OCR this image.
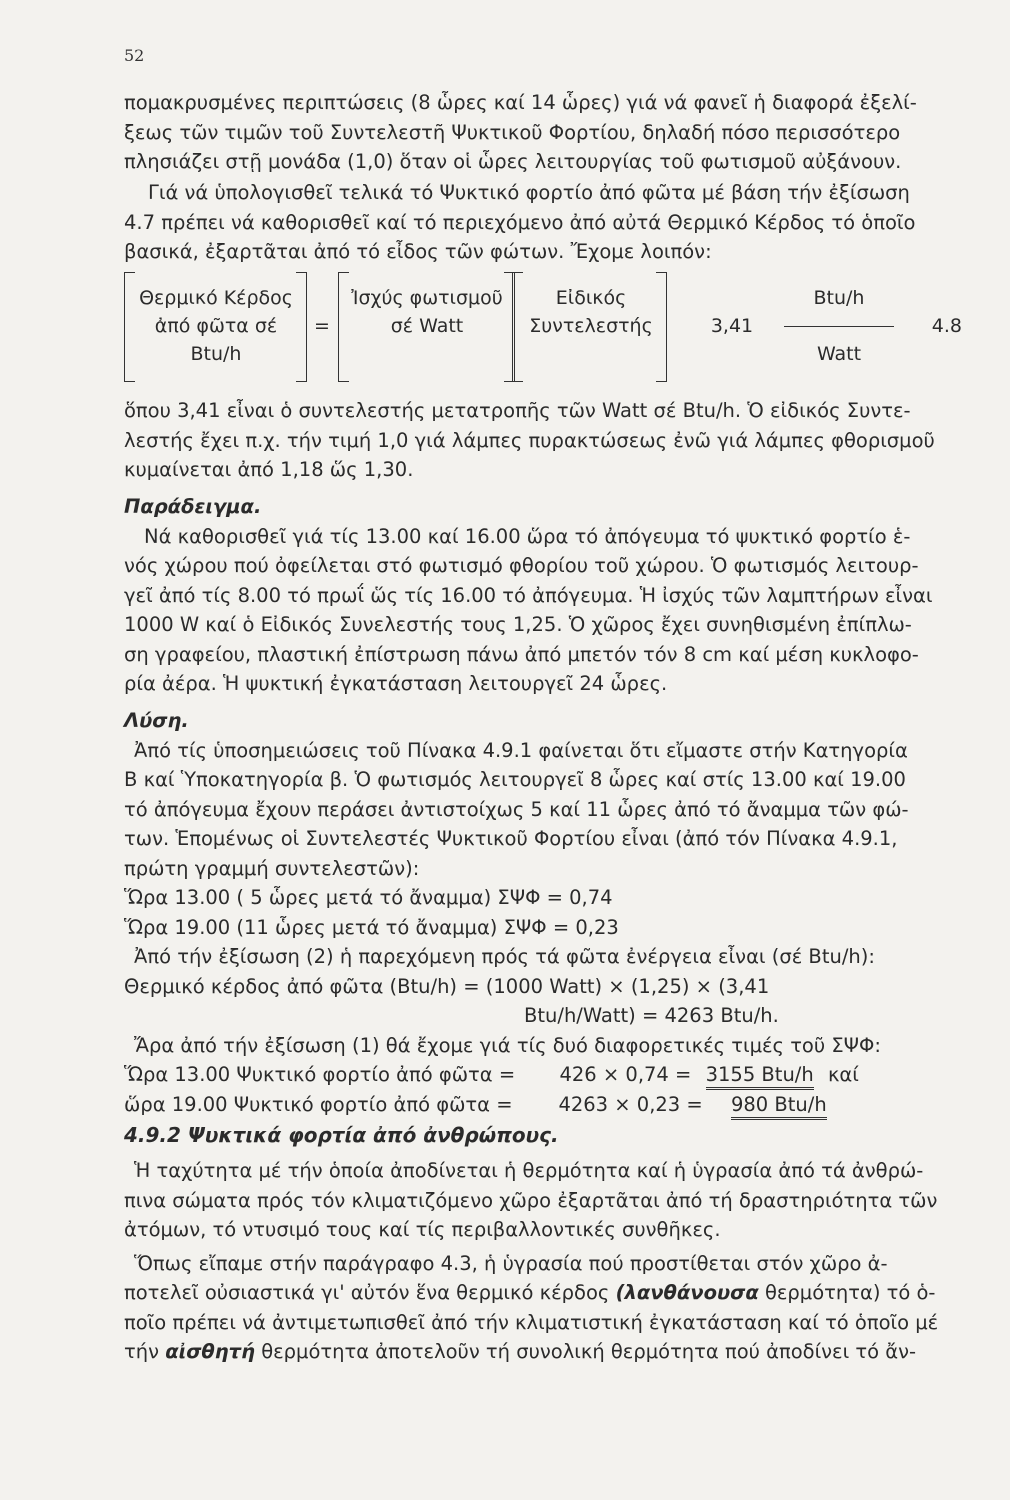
52
πομακρυσμένες περιπτώσεις (8 ὧρες καί 14 ὧρες) γιά νά φανεῖ ἡ διαφορά ἐξελί-
ξεως τῶν τιμῶν τοῦ Συντελεστῆ Ψυκτικοῦ Φορτίου, δηλαδή πόσο περισσότερο
πλησιάζει στῇ μονάδα (1,0) ὅταν οἱ ὧρες λειτουργίας τοῦ φωτισμοῦ αὐξάνουν.
Γιά νά ὑπολογισθεῖ τελικά τό Ψυκτικό φορτίο ἀπό φῶτα μέ βάση τήν ἐξίσωση
4.7 πρέπει νά καθορισθεῖ καί τό περιεχόμενο ἀπό αὐτά Θερμικό Κέρδος τό ὁποῖο
βασικά, ἐξαρτᾶται ἀπό τό εἶδος τῶν φώτων. Ἔχομε λοιπόν:
Θερμικό Κέρδος
ἀπό φῶτα σέ
Btu/h
=
Ἰσχύς φωτισμοῦ
σέ Watt
Εἰδικός
Συντελεστής	3,41
Btu/h
Watt
4.8
ὅπου 3,41 εἶναι ὁ συντελεστής μετατροπῆς τῶν Watt σέ Btu/h. Ὁ εἰδικός Συντε-
λεστής ἔχει π.χ. τήν τιμή 1,0 γιά λάμπες πυρακτώσεως ἐνῶ γιά λάμπες φθορισμοῦ
κυμαίνεται ἀπό 1,18 ὥς 1,30.

Παράδειγμα.

Νά καθορισθεῖ γιά τίς 13.00 καί 16.00 ὥρα τό ἀπόγευμα τό ψυκτικό φορτίο ἑ-
νός χώρου πού ὀφείλεται στό φωτισμό φθορίου τοῦ χώρου. Ὁ φωτισμός λειτουρ-
γεῖ ἀπό τίς 8.00 τό πρωΐ ὥς τίς 16.00 τό ἀπόγευμα. Ἡ ἰσχύς τῶν λαμπτήρων εἶναι
1000 W καί ὁ Εἰδικός Συνελεστής τους 1,25. Ὁ χῶρος ἔχει συνηθισμένη ἐπίπλω-
ση γραφείου, πλαστική ἐπίστρωση πάνω ἀπό μπετόν τόν 8 cm καί μέση κυκλοφο-
ρία ἀέρα. Ἡ ψυκτική ἐγκατάσταση λειτουργεῖ 24 ὧρες.

Λύση.

Ἀπό τίς ὑποσημειώσεις τοῦ Πίνακα 4.9.1 φαίνεται ὅτι εἴμαστε στήν Κατηγορία
Β καί Ὑποκατηγορία β. Ὁ φωτισμός λειτουργεῖ 8 ὧρες καί στίς 13.00 καί 19.00
τό ἀπόγευμα ἔχουν περάσει ἀντιστοίχως 5 καί 11 ὧρες ἀπό τό ἄναμμα τῶν φώ-
των. Ἑπομένως οἱ Συντελεστές Ψυκτικοῦ Φορτίου εἶναι (ἀπό τόν Πίνακα 4.9.1,
πρώτη γραμμή συντελεστῶν):
Ὥρα 13.00 ( 5 ὧρες μετά τό ἄναμμα) ΣΨΦ = 0,74
Ὥρα 19.00 (11 ὧρες μετά τό ἄναμμα) ΣΨΦ = 0,23
Ἀπό τήν ἐξίσωση (2) ἡ παρεχόμενη πρός τά φῶτα ἐνέργεια εἶναι (σέ Btu/h):
Θερμικό κέρδος ἀπό φῶτα (Btu/h) = (1000 Watt) × (1,25) × (3,41
Btu/h/Watt) = 4263 Btu/h.
Ἄρα ἀπό τήν ἐξίσωση (1) θά ἔχομε γιά τίς δυό διαφορετικές τιμές τοῦ ΣΨΦ:
Ὥρα 13.00 Ψυκτικό φορτίο ἀπό φῶτα = 426 × 0,74 = 3155 Btu/h καί
ὥρα 19.00 Ψυκτικό φορτίο ἀπό φῶτα = 4263 × 0,23 = 980 Btu/h

4.9.2 Ψυκτικά φορτία ἀπό ἀνθρώπους.

Ἡ ταχύτητα μέ τήν ὁποία ἀποδίνεται ἡ θερμότητα καί ἡ ὑγρασία ἀπό τά ἀνθρώ-
πινα σώματα πρός τόν κλιματιζόμενο χῶρο ἐξαρτᾶται ἀπό τή δραστηριότητα τῶν
ἀτόμων, τό ντυσιμό τους καί τίς περιβαλλοντικές συνθῆκες.
Ὅπως εἴπαμε στήν παράγραφο 4.3, ἡ ὑγρασία πού προστίθεται στόν χῶρο ἀ-
ποτελεῖ οὐσιαστικά γι' αὐτόν ἕνα θερμικό κέρδος (λανθάνουσα θερμότητα) τό ὁ-
ποῖο πρέπει νά ἀντιμετωπισθεῖ ἀπό τήν κλιματιστική ἐγκατάσταση καί τό ὁποῖο μέ
τήν αἰσθητή θερμότητα ἀποτελοῦν τή συνολική θερμότητα πού ἀποδίνει τό ἄν-
